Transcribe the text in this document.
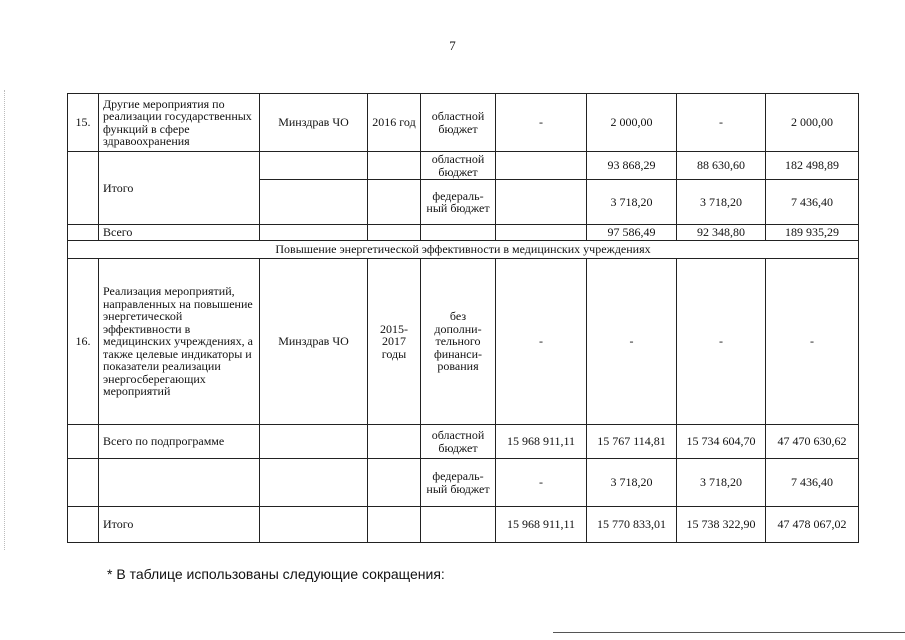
7
15.	Другие мероприятия по реализации государственных функций в сфере здравоохранения	Минздрав ЧО	2016 год	областной бюджет	-	2 000,00	-	2 000,00
	Итого			областной бюджет		93 868,29	88 630,60	182 498,89
				федераль-ный бюджет		3 718,20	3 718,20	7 436,40
	Всего					97 586,49	92 348,80	189 935,29
Повышение энергетической эффективности в медицинских учреждениях								
16.	Реализация мероприятий, направленных на повышение энергетической эффективности в медицинских учреждениях, а также целевые индикаторы и показатели реализации энергосберегающих мероприятий	Минздрав ЧО	2015-2017 годы	без дополни-тельного финанси-рования	-	-	-	-
	Всего по подпрограмме			областной бюджет	15 968 911,11	15 767 114,81	15 734 604,70	47 470 630,62
				федераль-ный бюджет	-	3 718,20	3 718,20	7 436,40
	Итого				15 968 911,11	15 770 833,01	15 738 322,90	47 478 067,02
* В таблице использованы следующие сокращения:
